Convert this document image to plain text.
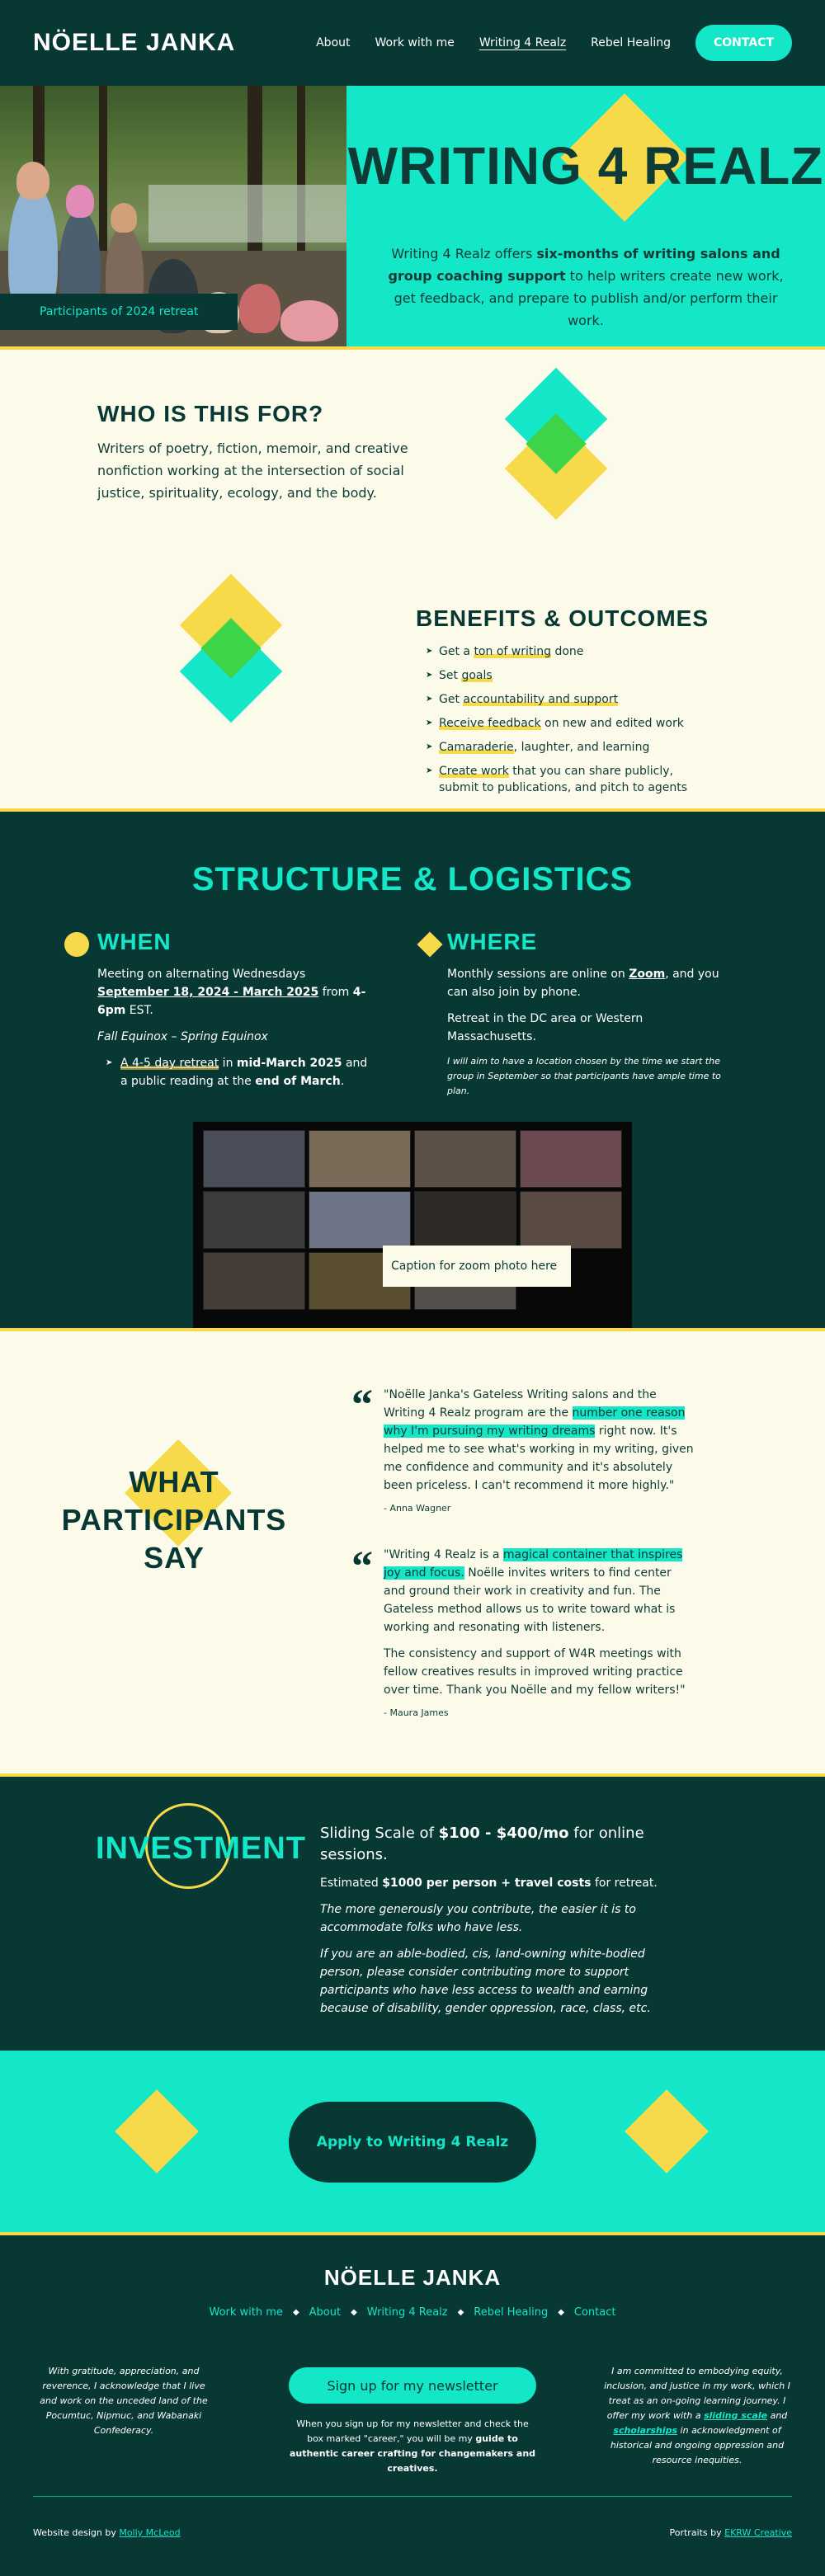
NÖELLE JANKA	About Work with me Writing 4 Realz Rebel Healing	CONTACT
Participants of 2024 retreat
WRITING 4 REALZ

Writing 4 Realz offers six-months of writing salons and group coaching support to help writers create new work, get feedback, and prepare to publish and/or perform their work.

WHO IS THIS FOR?

Writers of poetry, fiction, memoir, and creative nonfiction working at the intersection of social justice, spirituality, ecology, and the body.

BENEFITS & OUTCOMES
➤ Get a ton of writing done
➤ Set goals
➤ Get accountability and support
➤ Receive feedback on new and edited work
➤ Camaraderie, laughter, and learning
➤ Create work that you can share publicly, submit to publications, and pitch to agents
STRUCTURE & LOGISTICS
WHEN

Meeting on alternating Wednesdays September 18, 2024 - March 2025 from 4-6pm EST.

Fall Equinox – Spring Equinox

➤ A 4-5 day retreat in mid-March 2025 and a public reading at the end of March.

WHERE

Monthly sessions are online on Zoom, and you can also join by phone.

Retreat in the DC area or Western Massachusetts.

I will aim to have a location chosen by the time we start the group in September so that participants have ample time to plan.

Caption for zoom photo here
WHAT
PARTICIPANTS SAY
“ "Noëlle Janka's Gateless Writing salons and the Writing 4 Realz program are the number one reason why I'm pursuing my writing dreams right now. It's helped me to see what's working in my writing, given me confidence and community and it's absolutely been priceless. I can't recommend it more highly."

- Anna Wagner

“ "Writing 4 Realz is a magical container that inspires joy and focus. Noëlle invites writers to find center and ground their work in creativity and fun. The Gateless method allows us to write toward what is working and resonating with listeners.

The consistency and support of W4R meetings with fellow creatives results in improved writing practice over time. Thank you Noëlle and my fellow writers!"

- Maura James

INVESTMENT Sliding Scale of $100 - $400/mo for online sessions.

Estimated $1000 per person + travel costs for retreat.

The more generously you contribute, the easier it is to accommodate folks who have less.

If you are an able-bodied, cis, land-owning white-bodied person, please consider contributing more to support participants who have less access to wealth and earning because of disability, gender oppression, race, class, etc.

Apply to Writing 4 Realz
NÖELLE JANKA
Work with me ◆ About ◆ Writing 4 Realz ◆ Rebel Healing ◆ Contact

With gratitude, appreciation, and reverence, I acknowledge that I live and work on the unceded land of the Pocumtuc, Nipmuc, and Wabanaki Confederacy.

Sign up for my newsletter

When you sign up for my newsletter and check the box marked "career," you will be my guide to authentic career crafting for changemakers and creatives.

I am committed to embodying equity, inclusion, and justice in my work, which I treat as an on-going learning journey. I offer my work with a sliding scale and scholarships in acknowledgment of historical and ongoing oppression and resource inequities.

Website design by Molly McLeod	Portraits by EKRW Creative
